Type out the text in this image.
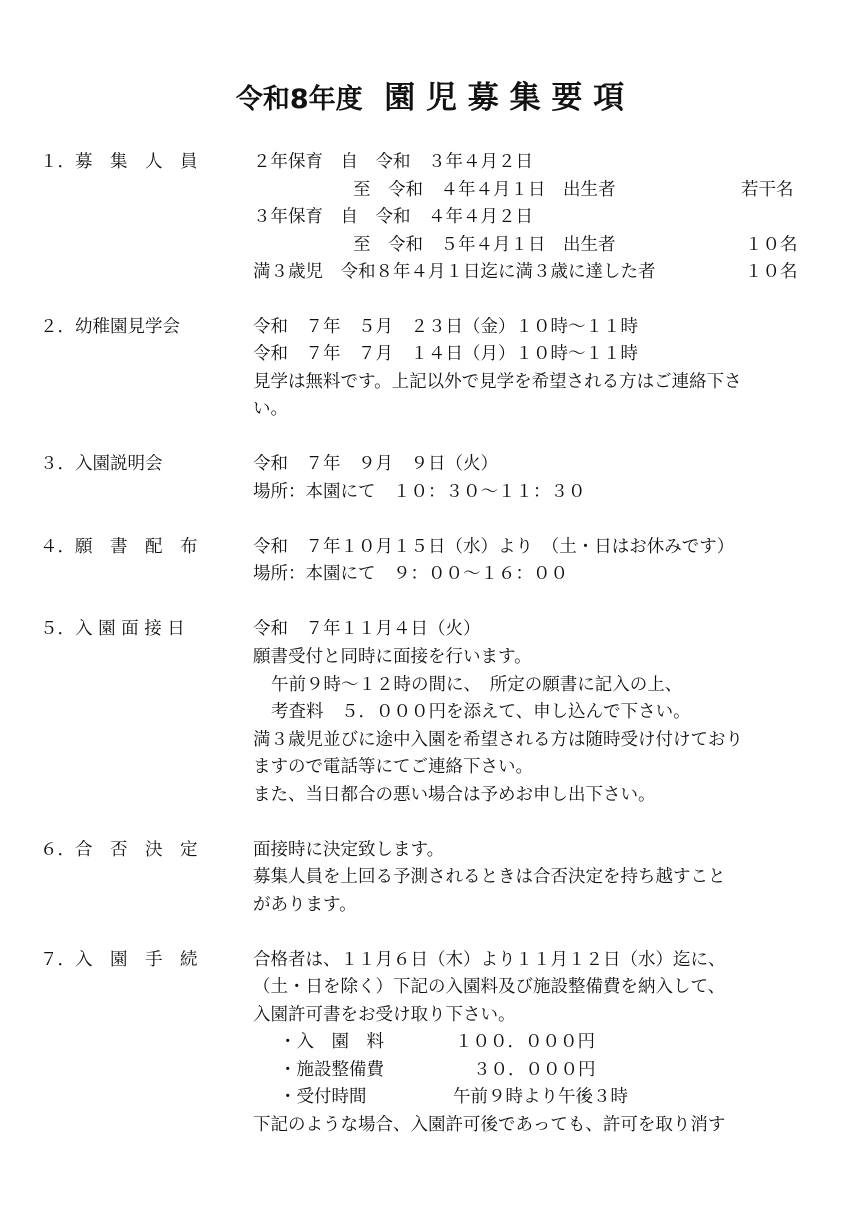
令和8年度  園 児 募 集 要 項
１．募　集　人　員	２年保育　自　令和　３年４月２日
至　令和　４年４月１日　出生者	若干名
３年保育　自　令和　４年４月２日
至　令和　５年４月１日　出生者	１０名
満３歳児　令和８年４月１日迄に満３歳に達した者	１０名
２．幼稚園見学会	令和　７年　５月　２３日（金）１０時〜１１時
令和　７年　７月　１４日（月）１０時〜１１時
見学は無料です。上記以外で見学を希望される方はご連絡下さ
い。
３．入園説明会	令和　７年　９月　９日（火）
場所：本園にて　１０：３０〜１１：３０
４．願　書　配　布	令和　７年１０月１５日（水）より　（土・日はお休みです）
場所：本園にて　９：００〜１６：００
５．入 園 面 接 日	令和　７年１１月４日（火）
願書受付と同時に面接を行います。
午前９時〜１２時の間に、　所定の願書に記入の上、
考査料　５．０００円を添えて、申し込んで下さい。
満３歳児並びに途中入園を希望される方は随時受け付けており
ますので電話等にてご連絡下さい。
また、当日都合の悪い場合は予めお申し出下さい。
６．合　否　決　定	面接時に決定致します。
募集人員を上回る予測されるときは合否決定を持ち越すこと
があります。
７．入　園　手　続	合格者は、１１月６日（木）より１１月１２日（水）迄に、
（土・日を除く）下記の入園料及び施設整備費を納入して、
入園許可書をお受け取り下さい。
・入　園　料	１００．０００円
・施設整備費	３０．０００円
・受付時間	午前９時より午後３時
下記のような場合、入園許可後であっても、許可を取り消す
